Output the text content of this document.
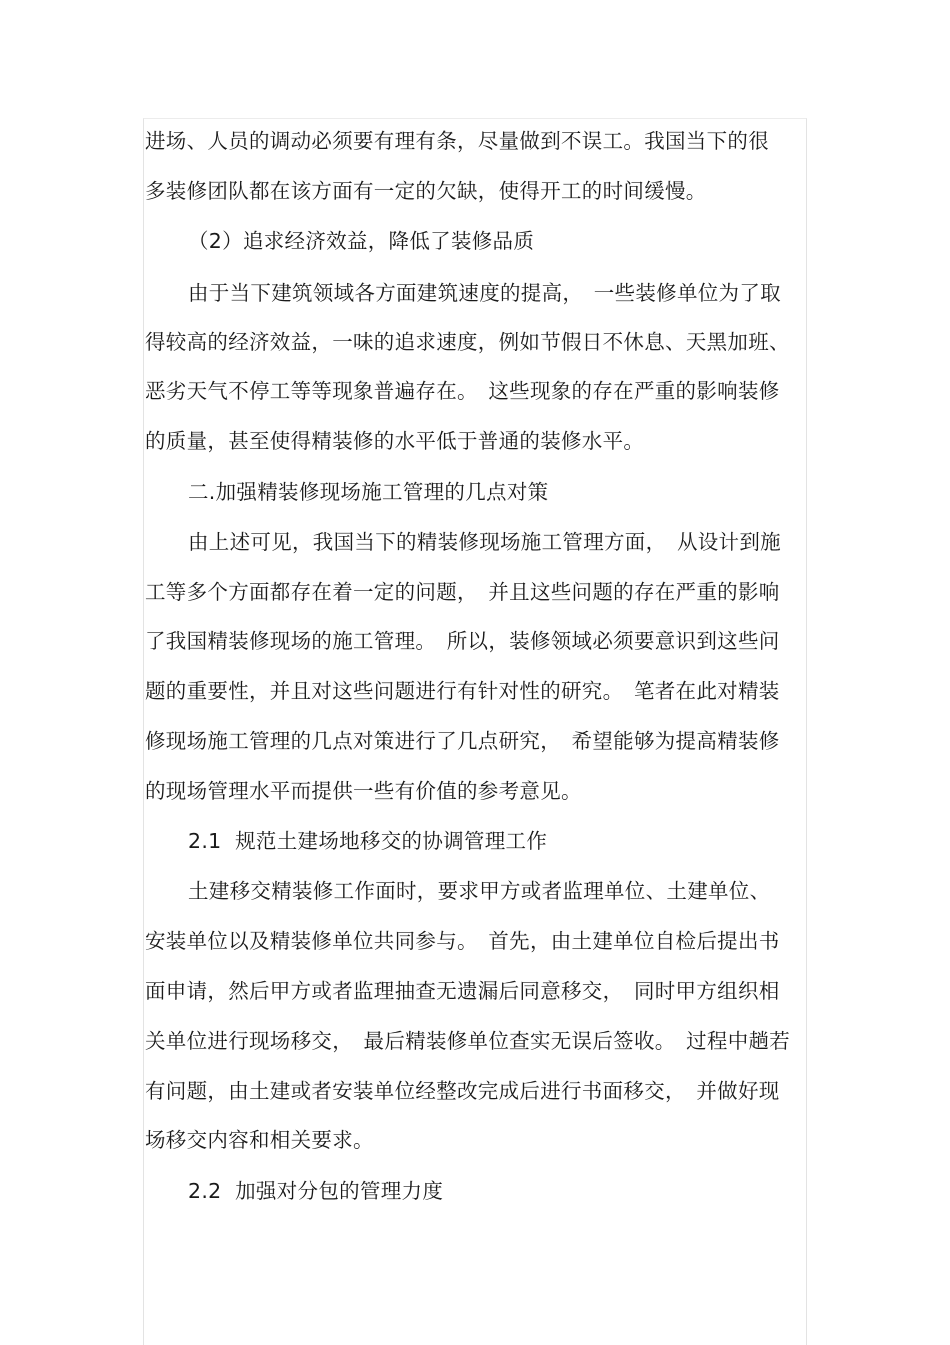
进场、人员的调动必须要有理有条，尽量做到不误工。我国当下的很
多装修团队都在该方面有一定的欠缺，使得开工的时间缓慢。
（2）追求经济效益，降低了装修品质
由于当下建筑领域各方面建筑速度的提高，　一些装修单位为了取
得较高的经济效益，一味的追求速度，例如节假日不休息、天黑加班、
恶劣天气不停工等等现象普遍存在。　这些现象的存在严重的影响装修
的质量，甚至使得精装修的水平低于普通的装修水平。
二.加强精装修现场施工管理的几点对策
由上述可见，我国当下的精装修现场施工管理方面，　从设计到施
工等多个方面都存在着一定的问题，　并且这些问题的存在严重的影响
了我国精装修现场的施工管理。　所以，装修领域必须要意识到这些问
题的重要性，并且对这些问题进行有针对性的研究。　笔者在此对精装
修现场施工管理的几点对策进行了几点研究，　希望能够为提高精装修
的现场管理水平而提供一些有价值的参考意见。
2.1  规范土建场地移交的协调管理工作
土建移交精装修工作面时，要求甲方或者监理单位、土建单位、
安装单位以及精装修单位共同参与。　首先，由土建单位自检后提出书
面申请，然后甲方或者监理抽查无遗漏后同意移交，　同时甲方组织相
关单位进行现场移交，　最后精装修单位查实无误后签收。　过程中趟若
有问题，由土建或者安装单位经整改完成后进行书面移交，　并做好现
场移交内容和相关要求。
2.2  加强对分包的管理力度
